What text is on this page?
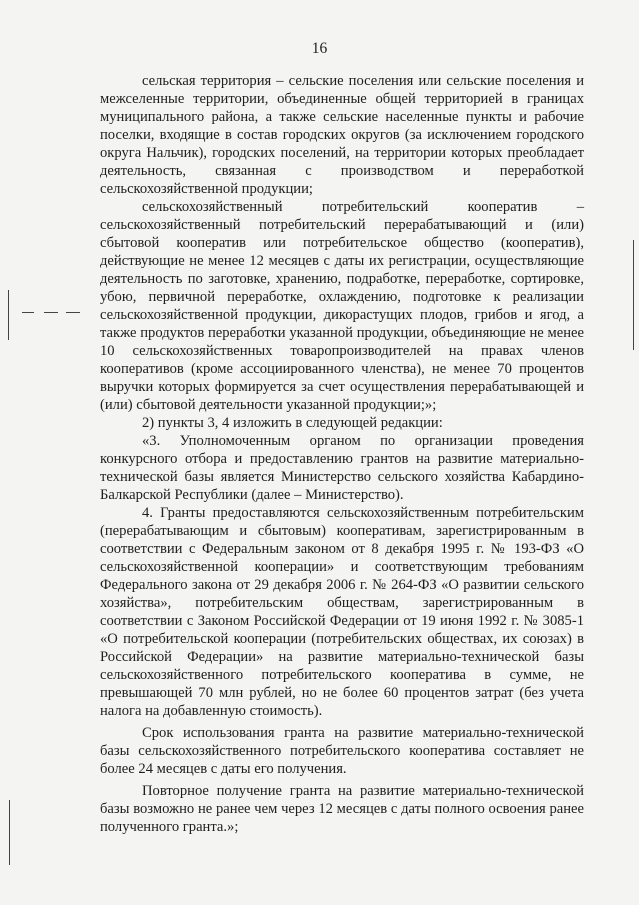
16

сельская территория – сельские поселения или сельские поселения и межселенные территории, объединенные общей территорией в границах муниципального района, а также сельские населенные пункты и рабочие поселки, входящие в состав городских округов (за исключением городского округа Нальчик), городских поселений, на территории которых преобладает деятельность, связанная с производством и переработкой сельскохозяйственной продукции;

сельскохозяйственный потребительский кооператив – сельскохозяйственный потребительский перерабатывающий и (или) сбытовой кооператив или потребительское общество (кооператив), действующие не менее 12 месяцев с даты их регистрации, осуществляющие деятельность по заготовке, хранению, подработке, переработке, сортировке, убою, первичной переработке, охлаждению, подготовке к реализации сельскохозяйственной продукции, дикорастущих плодов, грибов и ягод, а также продуктов переработки указанной продукции, объединяющие не менее 10 сельскохозяйственных товаропроизводителей на правах членов кооперативов (кроме ассоциированного членства), не менее 70 процентов выручки которых формируется за счет осуществления перерабатывающей и (или) сбытовой деятельности указанной продукции;»;

2) пункты 3, 4 изложить в следующей редакции:

«3. Уполномоченным органом по организации проведения конкурсного отбора и предоставлению грантов на развитие материально-технической базы является Министерство сельского хозяйства Кабардино-Балкарской Республики (далее – Министерство).

4. Гранты предоставляются сельскохозяйственным потребительским (перерабатывающим и сбытовым) кооперативам, зарегистрированным в соответствии с Федеральным законом от 8 декабря 1995 г. № 193-ФЗ «О сельскохозяйственной кооперации» и соответствующим требованиям Федерального закона от 29 декабря 2006 г. № 264-ФЗ «О развитии сельского хозяйства», потребительским обществам, зарегистрированным в соответствии с Законом Российской Федерации от 19 июня 1992 г. № 3085-1 «О потребительской кооперации (потребительских обществах, их союзах) в Российской Федерации» на развитие материально-технической базы сельскохозяйственного потребительского кооператива в сумме, не превышающей 70 млн рублей, но не более 60 процентов затрат (без учета налога на добавленную стоимость).

Срок использования гранта на развитие материально-технической базы сельскохозяйственного потребительского кооператива составляет не более 24 месяцев с даты его получения.

Повторное получение гранта на развитие материально-технической базы возможно не ранее чем через 12 месяцев с даты полного освоения ранее полученного гранта.»;
